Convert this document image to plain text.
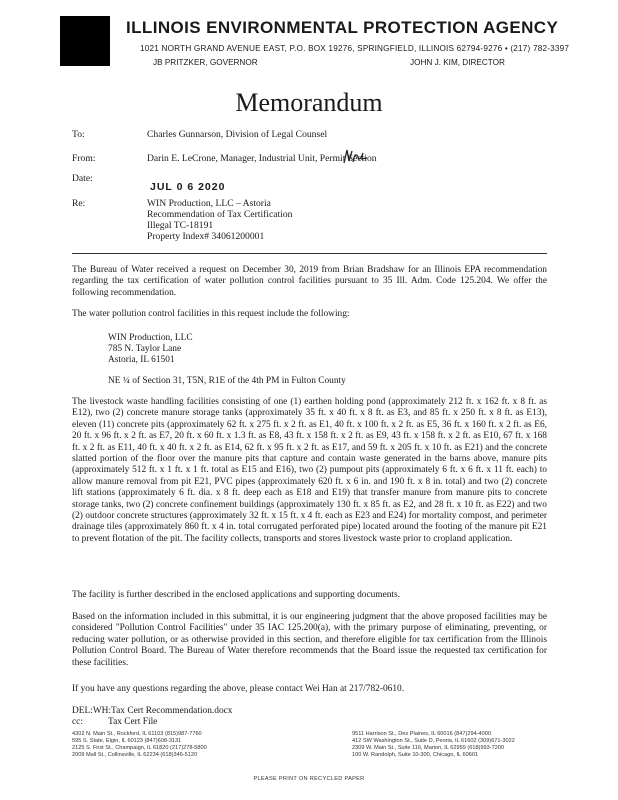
ILLINOIS ENVIRONMENTAL PROTECTION AGENCY
1021 NORTH GRAND AVENUE EAST, P.O. BOX 19276, SPRINGFIELD, ILLINOIS 62794-9276 • (217) 782-3397
JB PRITZKER, GOVERNOR	JOHN J. KIM, DIRECTOR
Memorandum
To:	Charles Gunnarson, Division of Legal Counsel
From:	Darin E. LeCrone, Manager, Industrial Unit, Permit Section
Date:
JUL 0 6 2020
Re:	WIN Production, LLC – Astoria
Recommendation of Tax Certification
Illegal TC-18191
Property Index# 34061200001
The Bureau of Water received a request on December 30, 2019 from Brian Bradshaw for an Illinois EPA recommendation regarding the tax certification of water pollution control facilities pursuant to 35 Ill. Adm. Code 125.204. We offer the following recommendation.
The water pollution control facilities in this request include the following:
WIN Production, LLC
785 N. Taylor Lane
Astoria, IL 61501
NE ¼ of Section 31, T5N, R1E of the 4th PM in Fulton County
The livestock waste handling facilities consisting of one (1) earthen holding pond (approximately 212 ft. x 162 ft. x 8 ft. as E12), two (2) concrete manure storage tanks (approximately 35 ft. x 40 ft. x 8 ft. as E3, and 85 ft. x 250 ft. x 8 ft. as E13), eleven (11) concrete pits (approximately 62 ft. x 275 ft. x 2 ft. as E1, 40 ft. x 100 ft. x 2 ft. as E5, 36 ft. x 160 ft. x 2 ft. as E6, 20 ft. x 96 ft. x 2 ft. as E7, 20 ft. x 60 ft. x 1.3 ft. as E8, 43 ft. x 158 ft. x 2 ft. as E9, 43 ft. x 158 ft. x 2 ft. as E10, 67 ft. x 168 ft. x 2 ft. as E11, 40 ft. x 40 ft. x 2 ft. as E14, 62 ft. x 95 ft. x 2 ft. as E17, and 59 ft. x 205 ft. x 10 ft. as E21) and the concrete slatted portion of the floor over the manure pits that capture and contain waste generated in the barns above, manure pits (approximately 512 ft. x 1 ft. x 1 ft. total as E15 and E16), two (2) pumpout pits (approximately 6 ft. x 6 ft. x 11 ft. each) to allow manure removal from pit E21, PVC pipes (approximately 620 ft. x 6 in. and 190 ft. x 8 in. total) and two (2) concrete lift stations (approximately 6 ft. dia. x 8 ft. deep each as E18 and E19) that transfer manure from manure pits to concrete storage tanks, two (2) concrete confinement buildings (approximately 130 ft. x 85 ft. as E2, and 28 ft. x 10 ft. as E22) and two (2) outdoor concrete structures (approximately 32 ft. x 15 ft. x 4 ft. each as E23 and E24) for mortality compost, and perimeter drainage tiles (approximately 860 ft. x 4 in. total corrugated perforated pipe) located around the footing of the manure pit E21 to prevent flotation of the pit. The facility collects, transports and stores livestock waste prior to cropland application.
The facility is further described in the enclosed applications and supporting documents.
Based on the information included in this submittal, it is our engineering judgment that the above proposed facilities may be considered "Pollution Control Facilities" under 35 IAC 125.200(a), with the primary purpose of eliminating, preventing, or reducing water pollution, or as otherwise provided in this section, and therefore eligible for tax certification from the Illinois Pollution Control Board. The Bureau of Water therefore recommends that the Board issue the requested tax certification for these facilities.
If you have any questions regarding the above, please contact Wei Han at 217/782-0610.
DEL:WH:Tax Cert Recommendation.docx
cc:	Tax Cert File
4302 N. Main St., Rockford, IL 61103 (815)987-7760
595 S. State, Elgin, IL 60123 (847)608-3131
2125 S. First St., Champaign, IL 61820 (217)278-5800
2009 Mall St., Collinsville, IL 62234 (618)346-5120
9511 Harrison St., Des Plaines, IL 60016 (847)294-4000
412 SW Washington St., Suite D, Peoria, IL 61602 (309)671-3022
2309 W. Main St., Suite 116, Marion, IL 62959 (618)993-7200
100 W. Randolph, Suite 10-300, Chicago, IL 60601
PLEASE PRINT ON RECYCLED PAPER
